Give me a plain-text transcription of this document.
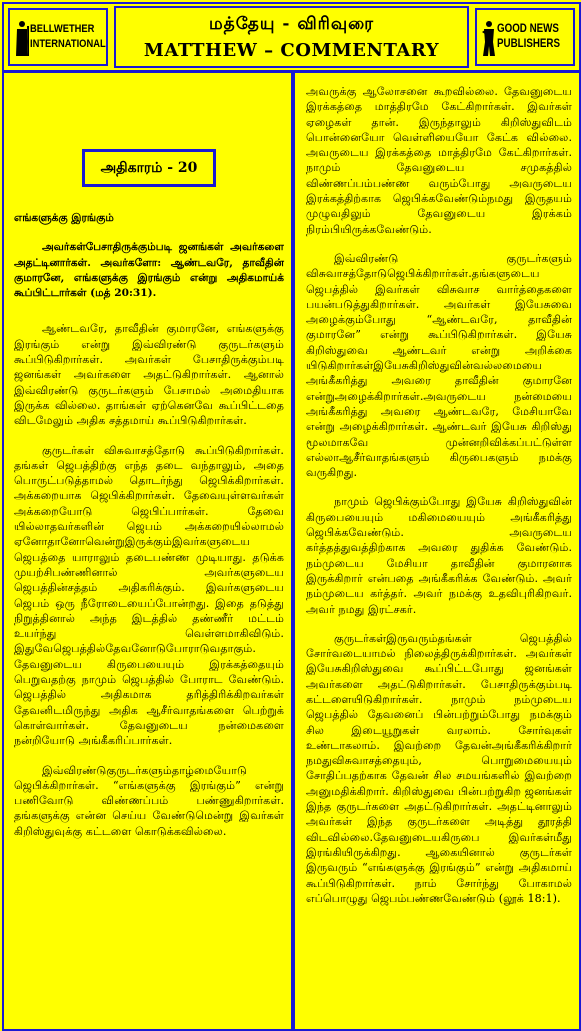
BELLWETHER
INTERNATIONAL
மத்தேயு - விரிவுரை
MATTHEW – COMMENTARY
GOOD NEWS
PUBLISHERS
அதிகாரம் - 20

எங்களுக்கு இரங்கும்

அவர்கள்பேசாதிருக்கும்படி ஜனங்கள் அவர்களை அதட்டினார்கள். அவர்களோ: ஆண்டவரே, தாவீதின் குமாரனே, எங்களுக்கு இரங்கும் என்று அதிகமாய்க் கூப்பிட்டார்கள் (மத் 20:31).

ஆண்டவரே, தாவீதின் குமாரனே, எங்களுக்கு இரங்கும் என்று இவ்விரண்டு குருடர்களும் கூப்பிடுகிறார்கள். அவர்கள் பேசாதிருக்கும்படி ஜனங்கள் அவர்களை அதட்டுகிறார்கள். ஆனால் இவ்விரண்டு குருடர்களும் பேசாமல் அமைதியாக இருக்க வில்லை. தாங்கள் ஏற்கெனவே கூப்பிட்டதை விடமேலும் அதிக சத்தமாய் கூப்பிடுகிறார்கள்.

குருடர்கள் விசுவாசத்தோடு கூப்பிடுகிறார்கள். தங்கள் ஜெபத்திற்கு எந்த தடை வந்தாலும், அதை பொருட்படுத்தாமல் தொடர்ந்து ஜெபிக்கிறார்கள். அக்கறையாக ஜெபிக்கிறார்கள். தேவையுள்ளவர்கள் அக்கறையோடு ஜெபிப்பார்கள். தேவை யில்லாதவர்களின் ஜெபம் அக்கறையில்லாமல் ஏனோதானோவென்றுஇருக்கும்இவர்களுடைய ஜெபத்தை யாராலும் தடைபண்ண முடியாது. தடுக்க முயற்சிபண்ணினால் அவர்களுடைய ஜெபத்தின்சத்தம் அதிகரிக்கும். இவர்களுடைய ஜெபம் ஒரு நீரோடையைப்போன்றது. இதை தடுத்து நிறுத்தினால் அந்த இடத்தில் தண்ணீர் மட்டம் உயர்ந்து வெள்ளமாகிவிடும். இதுவேஜெபத்தில்தேவனோடுபோராடுவதாகும். தேவனுடைய கிருபையையும் இரக்கத்தையும் பெறுவதற்கு நாமும் ஜெபத்தில் போராட வேண்டும். ஜெபத்தில் அதிகமாக தரித்திரிக்கிறவர்கள் தேவனிடமிருந்து அதிக ஆசீர்வாதங்களை பெற்றுக் கொள்வார்கள். தேவனுடைய நன்மைகளை நன்றியோடு அங்கீகரிப்பார்கள்.

இவ்விரண்டுகுருடர்களும்தாழ்மையோடு ஜெபிக்கிறார்கள். “எங்களுக்கு இரங்கும்” என்று பணிவோடு விண்ணப்பம் பண்ணுகிறார்கள். தங்களுக்கு என்ன செய்ய வேண்டுமென்று இவர்கள் கிறிஸ்துவுக்கு கட்டளை கொடுக்கவில்லை.

அவருக்கு ஆலோசனை கூறவில்லை. தேவனுடைய இரக்கத்தை மாத்திரமே கேட்கிறார்கள். இவர்கள் ஏழைகள் தான். இருந்தாலும் கிறிஸ்துவிடம் பொன்னையோ வெள்ளியையோ கேட்க வில்லை. அவருடைய இரக்கத்தை மாத்திரமே கேட்கிறார்கள். நாமும் தேவனுடைய சமுகத்தில் விண்ணப்பம்பண்ண வரும்போது அவருடைய இரக்கத்திற்காக ஜெபிக்கவேண்டும்நமது இருதயம் முழுவதிலும் தேவனுடைய இரக்கம் நிரம்பியிருக்கவேண்டும்.

இவ்விரண்டு குருடர்களும் விசுவாசத்தோடுஜெபிக்கிறார்கள்.தங்களுடைய ஜெபத்தில் இவர்கள் விசுவாச வார்த்தைகளை பயன்படுத்துகிறார்கள். அவர்கள் இயேசுவை அழைக்கும்போது “ஆண்டவரே, தாவீதின் குமாரனே” என்று கூப்பிடுகிறார்கள். இயேசு கிறிஸ்துவை ஆண்டவர் என்று அறிக்கை யிடுகிறார்கள்இயேசுகிறிஸ்துவின்வல்லமையை அங்கீகரித்து அவரை தாவீதின் குமாரனே என்றுஅழைக்கிறார்கள்.அவருடைய நன்மையை அங்கீகரித்து அவரை ஆண்டவரே, மேசியாவே என்று அழைக்கிறார்கள். ஆண்டவர் இயேசு கிறிஸ்து மூலமாகவே முன்னறிவிக்கப்பட்டுள்ள எல்லாஆசீர்வாதங்களும் கிருபைகளும் நமக்கு வருகிறது.

நாமும் ஜெபிக்கும்போது இயேசு கிறிஸ்துவின் கிருபையையும் மகிமையையும் அங்கீகரித்து ஜெபிக்கவேண்டும். அவருடைய கர்த்தத்துவத்திற்காக அவரை துதிக்க வேண்டும். நம்முடைய மேசியா தாவீதின் குமாரனாக இருக்கிறார் என்பதை அங்கீகரிக்க வேண்டும். அவர் நம்முடைய கர்த்தர். அவர் நமக்கு உதவிபுரிகிறவர். அவர் நமது இரட்சகர்.

குருடர்கள்இருவரும்தங்கள் ஜெபத்தில் சோர்வடையாமல் நிலைத்திருக்கிறார்கள். அவர்கள் இயேசுகிறிஸ்துவை கூப்பிட்டபோது ஜனங்கள் அவர்களை அதட்டுகிறார்கள். பேசாதிருக்கும்படி கட்டளையிடுகிறார்கள். நாமும் நம்முடைய ஜெபத்தில் தேவனைப் பின்பற்றும்போது நமக்கும் சில இடையூறுகள் வரலாம். சோர்வுகள் உண்டாகலாம். இவற்றை தேவன்அங்கீகரிக்கிறார் நமதுவிசுவாசத்தையும், பொறுமையையும் சோதிப்பதற்காக தேவன் சில சமயங்களில் இவற்றை அனுமதிக்கிறார். கிறிஸ்துவை பின்பற்றுகிற ஜனங்கள் இந்த குருடர்களை அதட்டுகிறார்கள். அதட்டினாலும் அவர்கள் இந்த குருடர்களை அடித்து தூரத்தி விடவில்லை.தேவனுடையகிருபை இவர்கள்மீது இரங்கியிருக்கிறது. ஆகையினால் குருடர்கள் இருவரும் “எங்களுக்கு இரங்கும்” என்று அதிகமாய் கூப்பிடுகிறார்கள். நாம் சோர்ந்து போகாமல் எப்பொழுது ஜெபம்பண்ணவேண்டும் (லூக் 18:1).
